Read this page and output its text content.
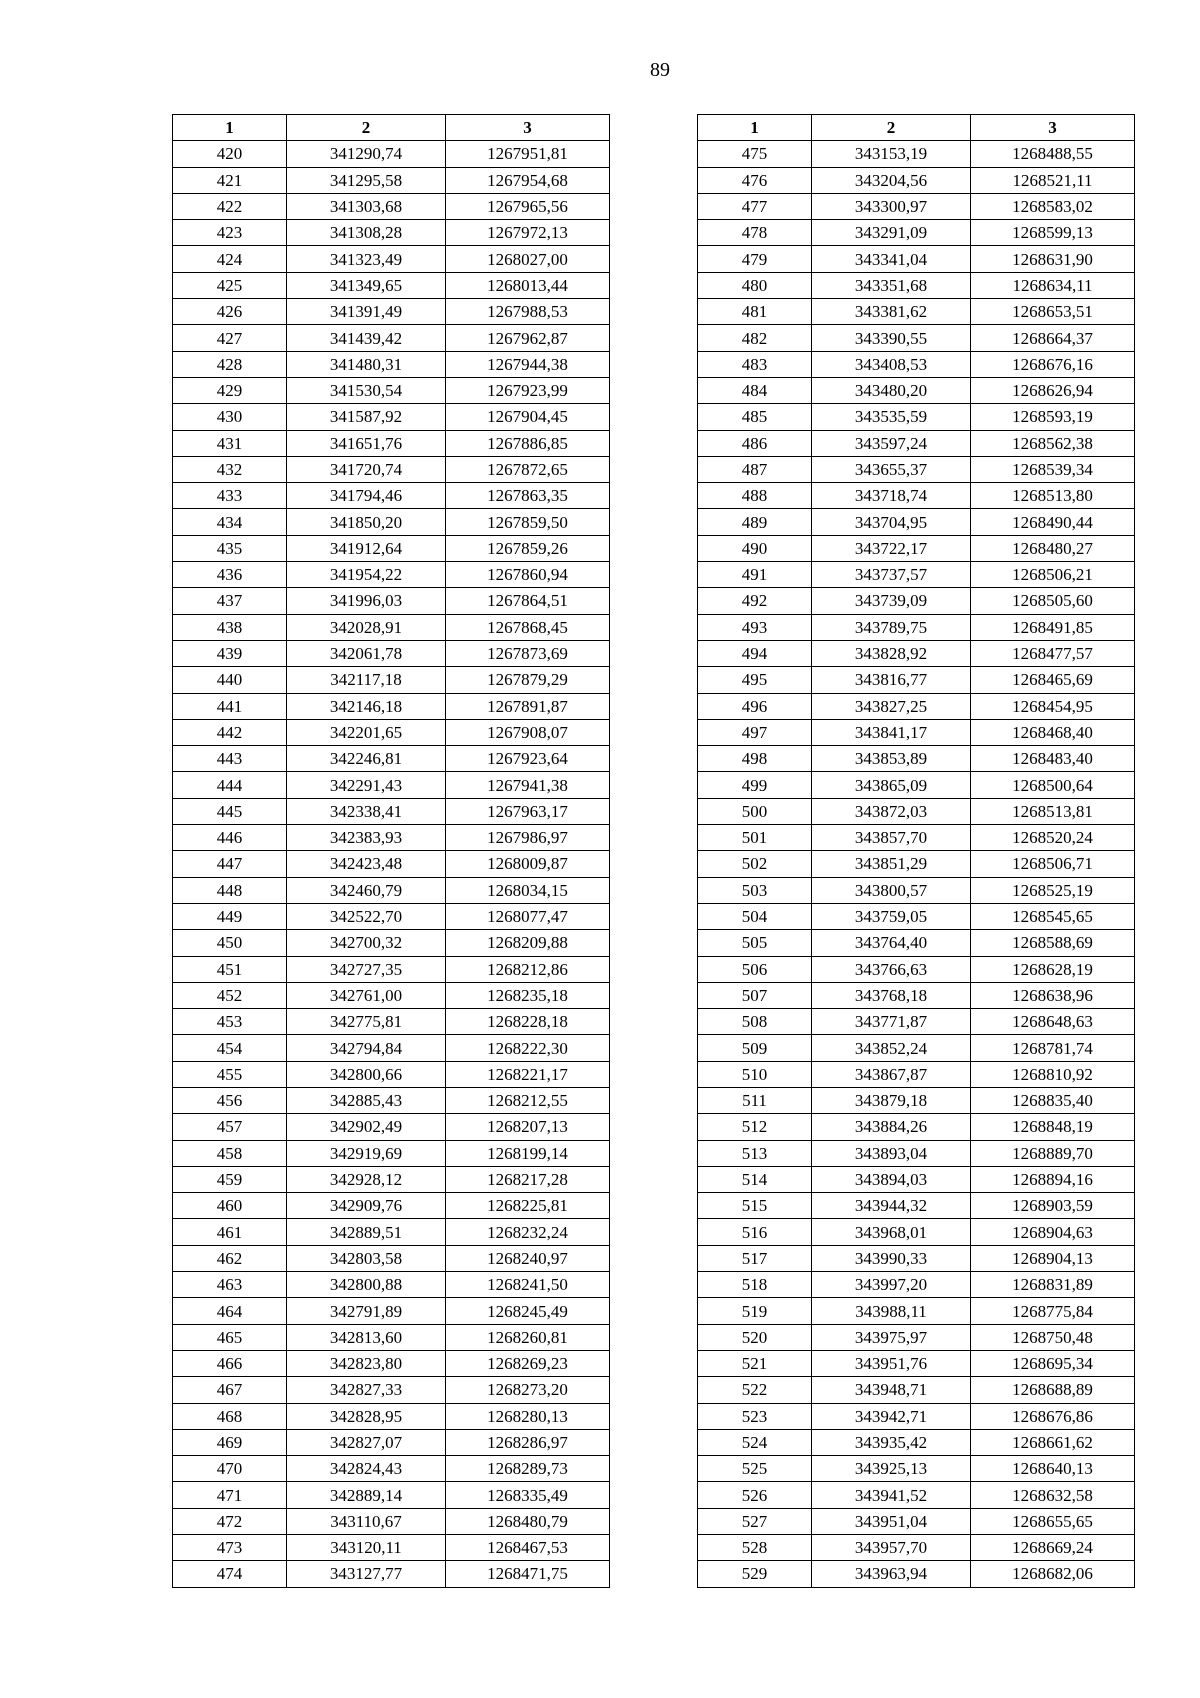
89
1	2	3
420	341290,74	1267951,81
421	341295,58	1267954,68
422	341303,68	1267965,56
423	341308,28	1267972,13
424	341323,49	1268027,00
425	341349,65	1268013,44
426	341391,49	1267988,53
427	341439,42	1267962,87
428	341480,31	1267944,38
429	341530,54	1267923,99
430	341587,92	1267904,45
431	341651,76	1267886,85
432	341720,74	1267872,65
433	341794,46	1267863,35
434	341850,20	1267859,50
435	341912,64	1267859,26
436	341954,22	1267860,94
437	341996,03	1267864,51
438	342028,91	1267868,45
439	342061,78	1267873,69
440	342117,18	1267879,29
441	342146,18	1267891,87
442	342201,65	1267908,07
443	342246,81	1267923,64
444	342291,43	1267941,38
445	342338,41	1267963,17
446	342383,93	1267986,97
447	342423,48	1268009,87
448	342460,79	1268034,15
449	342522,70	1268077,47
450	342700,32	1268209,88
451	342727,35	1268212,86
452	342761,00	1268235,18
453	342775,81	1268228,18
454	342794,84	1268222,30
455	342800,66	1268221,17
456	342885,43	1268212,55
457	342902,49	1268207,13
458	342919,69	1268199,14
459	342928,12	1268217,28
460	342909,76	1268225,81
461	342889,51	1268232,24
462	342803,58	1268240,97
463	342800,88	1268241,50
464	342791,89	1268245,49
465	342813,60	1268260,81
466	342823,80	1268269,23
467	342827,33	1268273,20
468	342828,95	1268280,13
469	342827,07	1268286,97
470	342824,43	1268289,73
471	342889,14	1268335,49
472	343110,67	1268480,79
473	343120,11	1268467,53
474	343127,77	1268471,75
1	2	3
475	343153,19	1268488,55
476	343204,56	1268521,11
477	343300,97	1268583,02
478	343291,09	1268599,13
479	343341,04	1268631,90
480	343351,68	1268634,11
481	343381,62	1268653,51
482	343390,55	1268664,37
483	343408,53	1268676,16
484	343480,20	1268626,94
485	343535,59	1268593,19
486	343597,24	1268562,38
487	343655,37	1268539,34
488	343718,74	1268513,80
489	343704,95	1268490,44
490	343722,17	1268480,27
491	343737,57	1268506,21
492	343739,09	1268505,60
493	343789,75	1268491,85
494	343828,92	1268477,57
495	343816,77	1268465,69
496	343827,25	1268454,95
497	343841,17	1268468,40
498	343853,89	1268483,40
499	343865,09	1268500,64
500	343872,03	1268513,81
501	343857,70	1268520,24
502	343851,29	1268506,71
503	343800,57	1268525,19
504	343759,05	1268545,65
505	343764,40	1268588,69
506	343766,63	1268628,19
507	343768,18	1268638,96
508	343771,87	1268648,63
509	343852,24	1268781,74
510	343867,87	1268810,92
511	343879,18	1268835,40
512	343884,26	1268848,19
513	343893,04	1268889,70
514	343894,03	1268894,16
515	343944,32	1268903,59
516	343968,01	1268904,63
517	343990,33	1268904,13
518	343997,20	1268831,89
519	343988,11	1268775,84
520	343975,97	1268750,48
521	343951,76	1268695,34
522	343948,71	1268688,89
523	343942,71	1268676,86
524	343935,42	1268661,62
525	343925,13	1268640,13
526	343941,52	1268632,58
527	343951,04	1268655,65
528	343957,70	1268669,24
529	343963,94	1268682,06
